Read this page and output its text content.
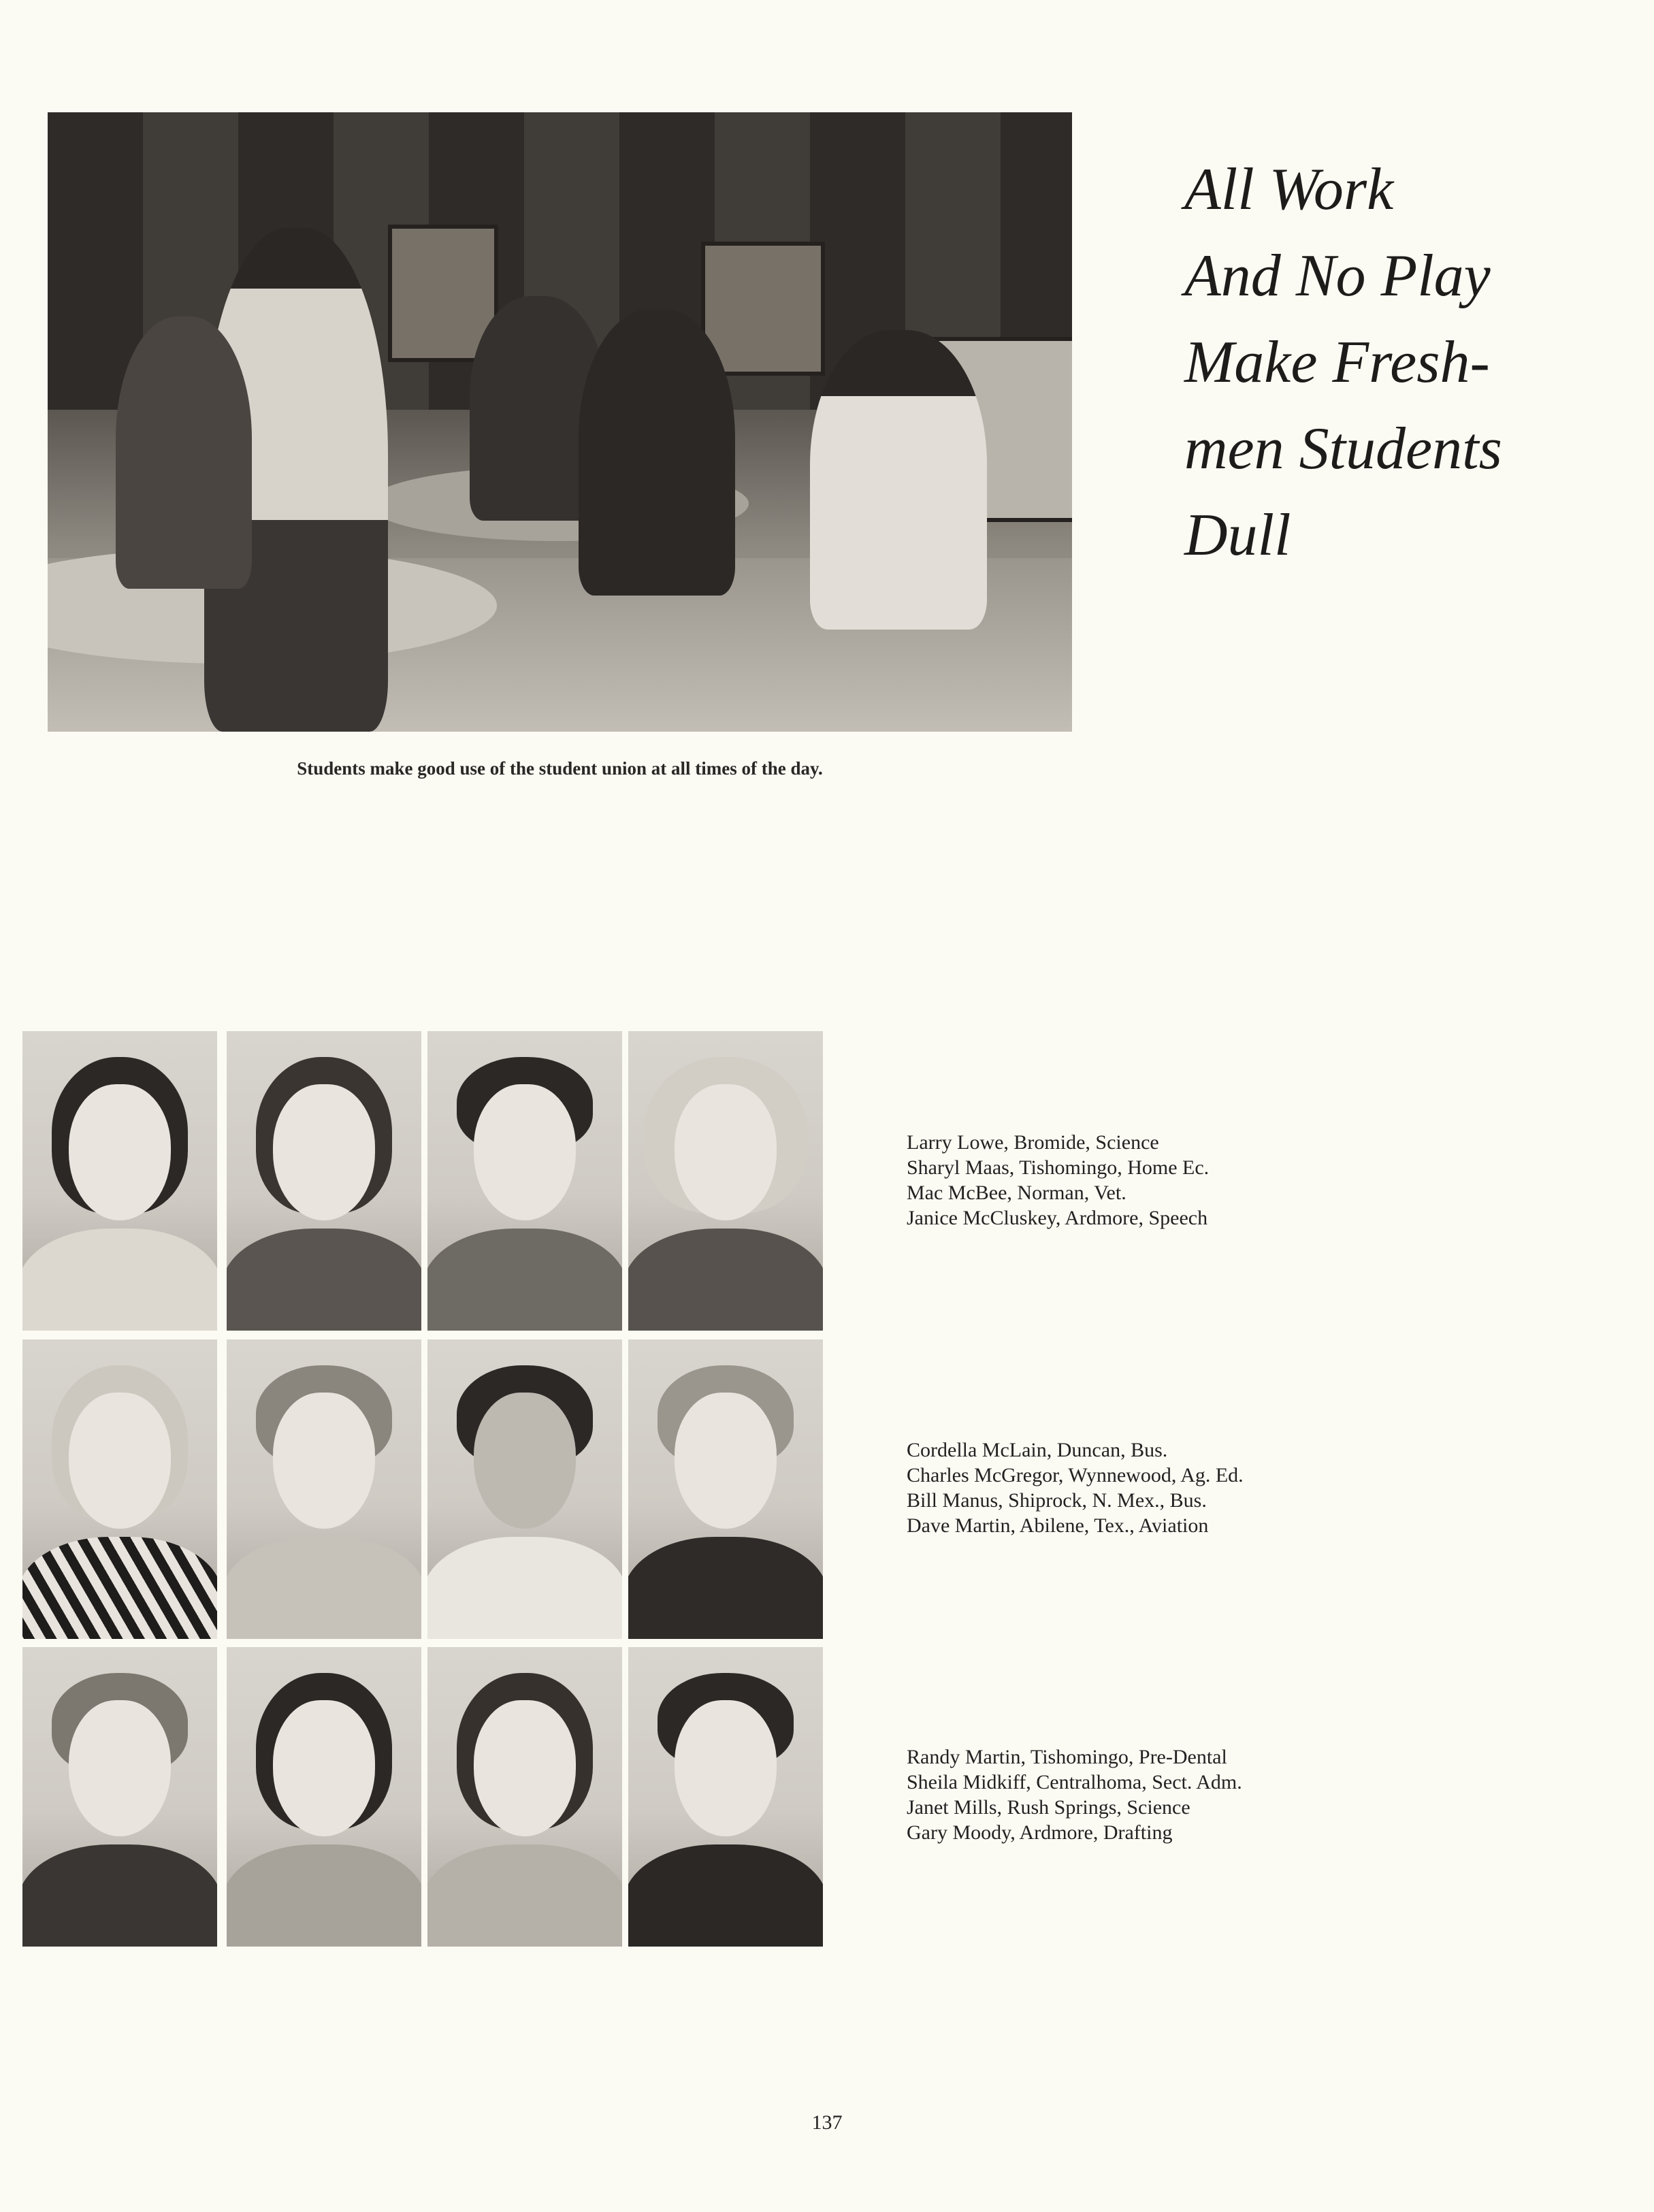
All Work
And No Play
Make Fresh-
men Students
Dull
Students make good use of the student union at all times of the day.
Larry Lowe, Bromide, Science
Sharyl Maas, Tishomingo, Home Ec.
Mac McBee, Norman, Vet.
Janice McCluskey, Ardmore, Speech
Cordella McLain, Duncan, Bus.
Charles McGregor, Wynnewood, Ag. Ed.
Bill Manus, Shiprock, N. Mex., Bus.
Dave Martin, Abilene, Tex., Aviation
Randy Martin, Tishomingo, Pre-Dental
Sheila Midkiff, Centralhoma, Sect. Adm.
Janet Mills, Rush Springs, Science
Gary Moody, Ardmore, Drafting
137
